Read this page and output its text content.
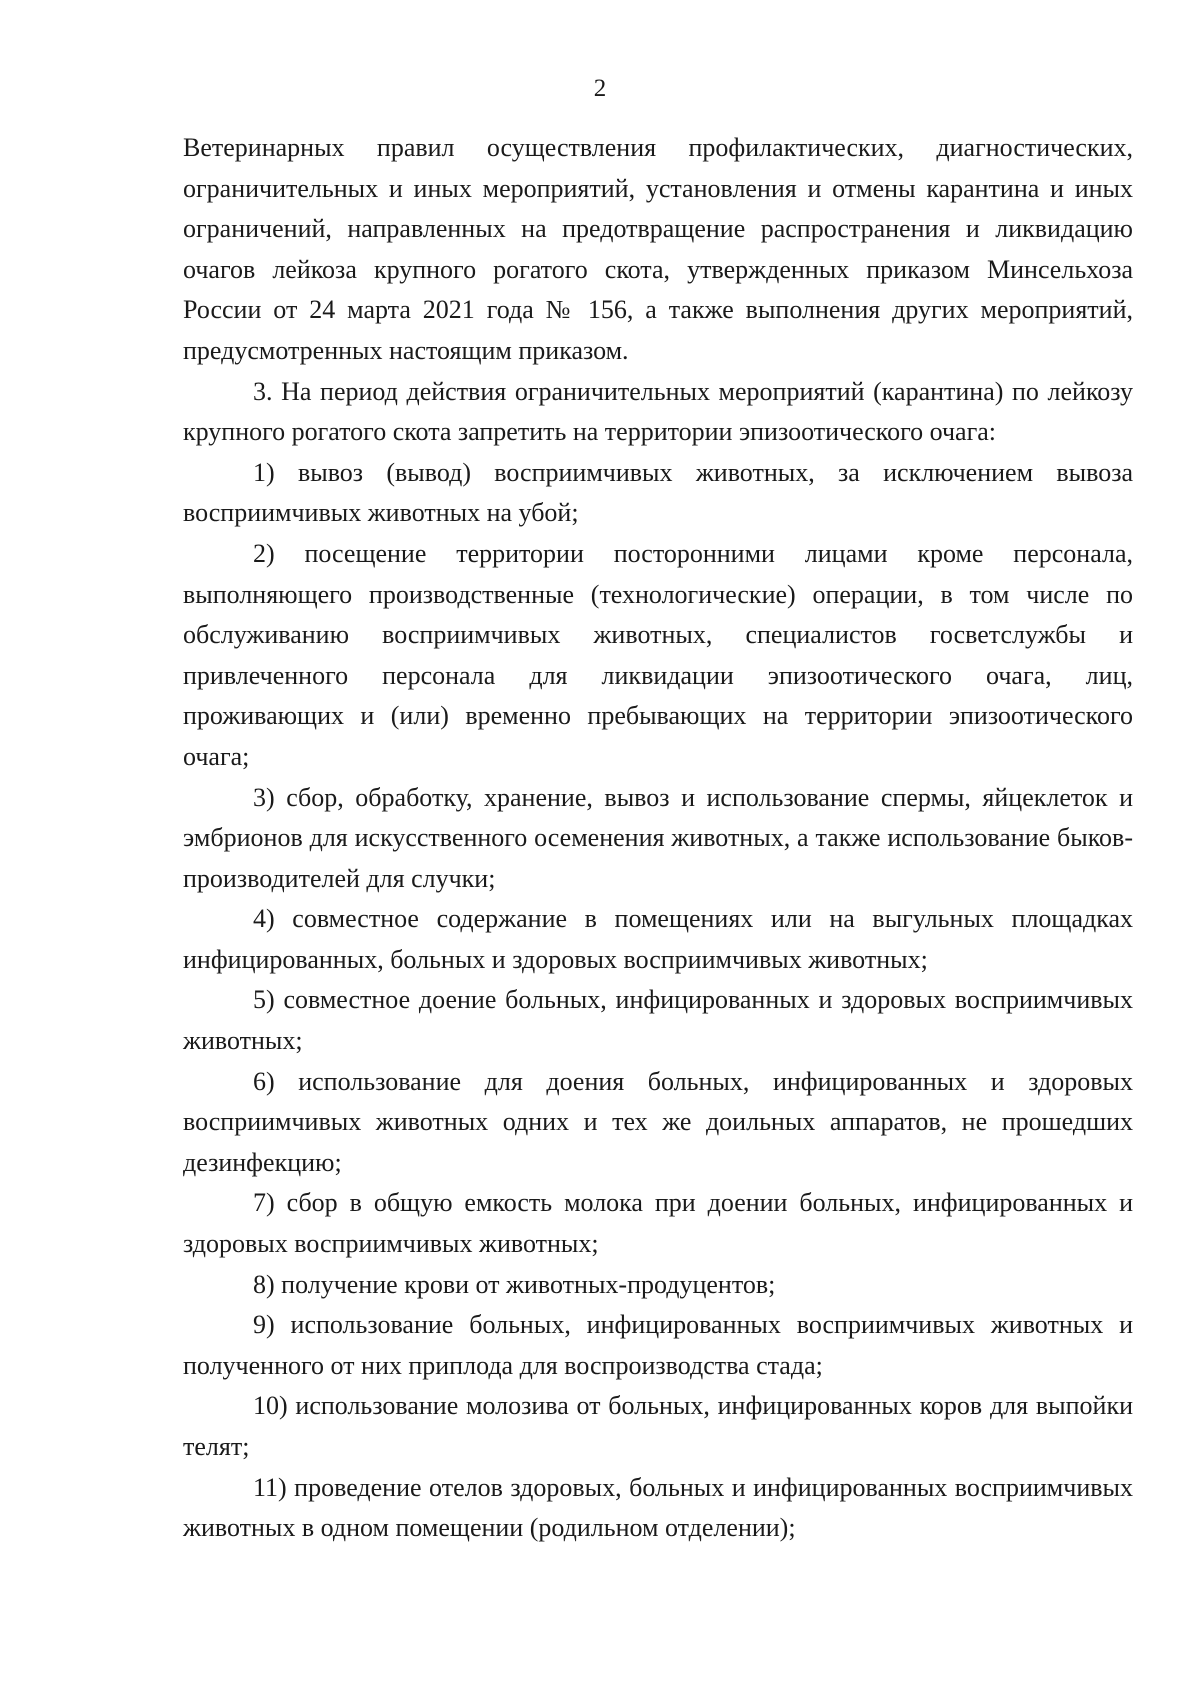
2

Ветеринарных правил осуществления профилактических, диагностических, ограничительных и иных мероприятий, установления и отмены карантина и иных ограничений, направленных на предотвращение распространения и ликвидацию очагов лейкоза крупного рогатого скота, утвержденных приказом Минсельхоза России от 24 марта 2021 года № 156, а также выполнения других мероприятий, предусмотренных настоящим приказом.

3. На период действия ограничительных мероприятий (карантина) по лейкозу крупного рогатого скота запретить на территории эпизоотического очага:

1) вывоз (вывод) восприимчивых животных, за исключением вывоза восприимчивых животных на убой;

2) посещение территории посторонними лицами кроме персонала, выполняющего производственные (технологические) операции, в том числе по обслуживанию восприимчивых животных, специалистов госветслужбы и привлеченного персонала для ликвидации эпизоотического очага, лиц, проживающих и (или) временно пребывающих на территории эпизоотического очага;

3) сбор, обработку, хранение, вывоз и использование спермы, яйцеклеток и эмбрионов для искусственного осеменения животных, а также использование быков-производителей для случки;

4) совместное содержание в помещениях или на выгульных площадках инфицированных, больных и здоровых восприимчивых животных;

5) совместное доение больных, инфицированных и здоровых восприимчивых животных;

6) использование для доения больных, инфицированных и здоровых восприимчивых животных одних и тех же доильных аппаратов, не прошедших дезинфекцию;

7) сбор в общую емкость молока при доении больных, инфицированных и здоровых восприимчивых животных;

8) получение крови от животных-продуцентов;

9) использование больных, инфицированных восприимчивых животных и полученного от них приплода для воспроизводства стада;

10) использование молозива от больных, инфицированных коров для выпойки телят;

11) проведение отелов здоровых, больных и инфицированных восприимчивых животных в одном помещении (родильном отделении);
